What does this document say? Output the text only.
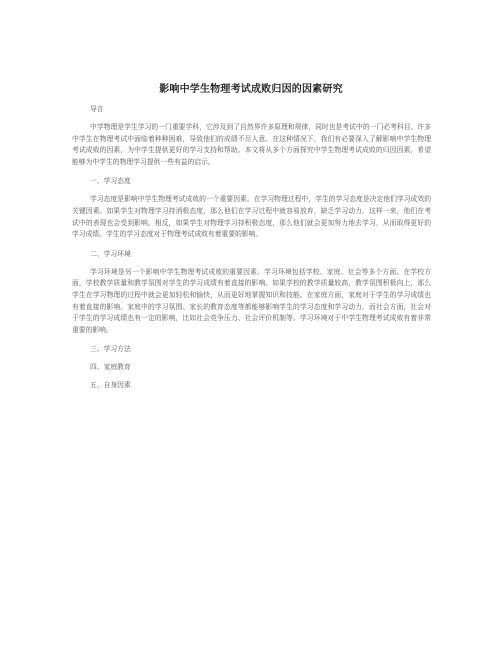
影响中学生物理考试成败归因的因素研究

导言

中学物理是学生学习的一门重要学科，它涉及到了自然界许多原理和规律，同时也是考试中的一门必考科目。许多中学生在物理考试中面临着种种困难，导致他们的成绩不尽人意。在这种情况下，我们有必要深入了解影响中学生物理考试成败的因素，为中学生提供更好的学习支持和帮助。本文将从多个方面探究中学生物理考试成败的归因因素，希望能够为中学生的物理学习提供一些有益的启示。

一、学习态度

学习态度是影响中学生物理考试成败的一个重要因素。在学习物理过程中，学生的学习态度是决定他们学习成效的关键因素。如果学生对物理学习持消极态度，那么他们在学习过程中就容易放弃，缺乏学习动力。这样一来，他们在考试中的表现也会受到影响。相反，如果学生对物理学习持积极态度，那么他们就会更加努力地去学习，从而取得更好的学习成绩。学生的学习态度对于物理考试成败有着重要的影响。

二、学习环境

学习环境是另一个影响中学生物理考试成败的重要因素。学习环境包括学校、家庭、社会等多个方面。在学校方面，学校教学质量和教学氛围对学生的学习成绩有着直接的影响。如果学校的教学质量较高，教学氛围积极向上，那么学生在学习物理的过程中就会更加轻松和愉快，从而更好地掌握知识和技能。在家庭方面，家庭对于学生的学习成绩也有着直接的影响。家庭中的学习氛围、家长的教育态度等都能够影响学生的学习态度和学习动力。而社会方面，社会对于学生的学习成绩也有一定的影响，比如社会竞争压力、社会评价机制等。学习环境对于中学生物理考试成败有着非常重要的影响。

三、学习方法

四、家庭教育

五、自身因素
